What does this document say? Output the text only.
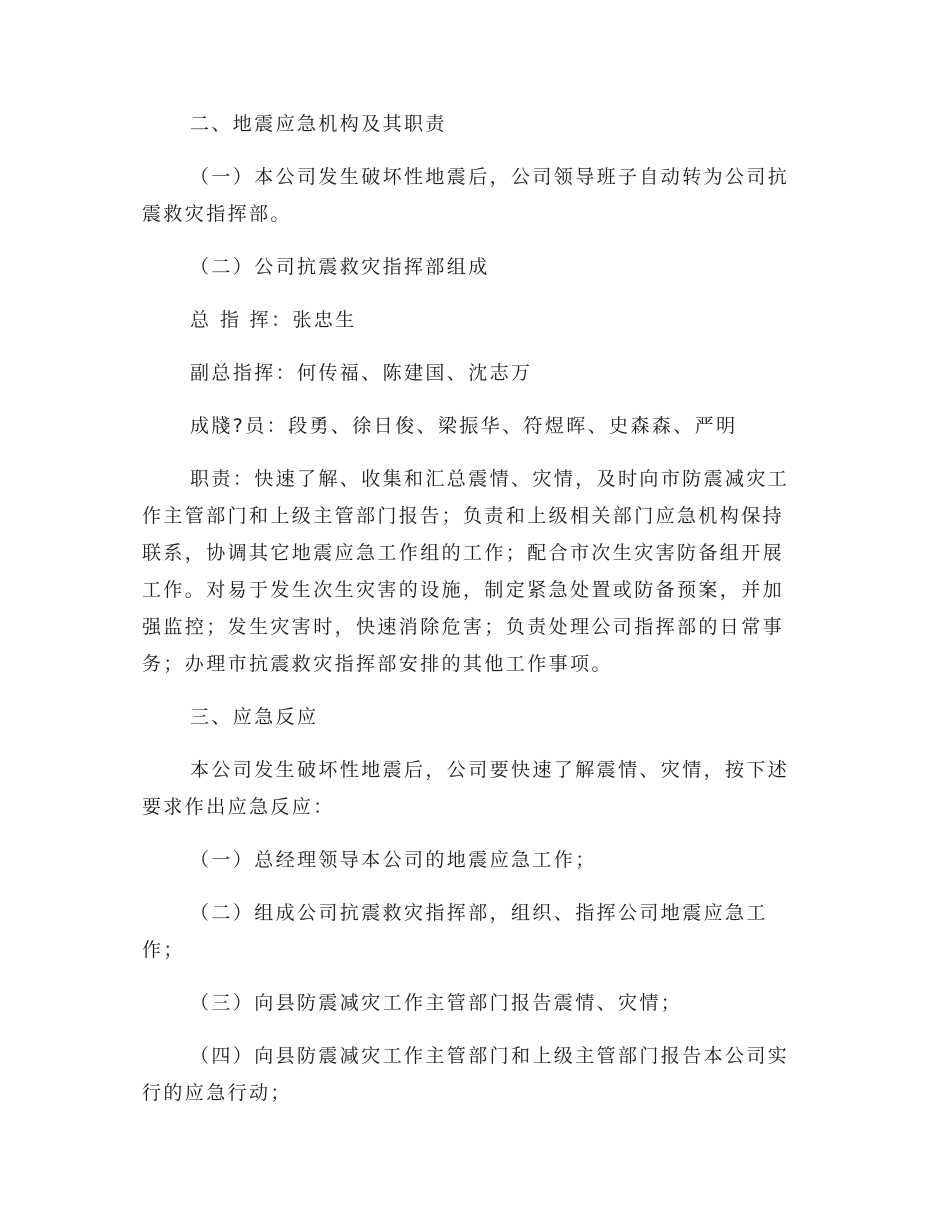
二、地震应急机构及其职责

（一）本公司发生破坏性地震后，公司领导班子自动转为公司抗震救灾指挥部。

（二）公司抗震救灾指挥部组成

总 指 挥：张忠生

副总指挥：何传福、陈建国、沈志万

成牋?员：段勇、徐日俊、梁振华、符煜晖、史森森、严明

职责：快速了解、收集和汇总震情、灾情，及时向市防震减灾工作主管部门和上级主管部门报告；负责和上级相关部门应急机构保持联系，协调其它地震应急工作组的工作；配合市次生灾害防备组开展工作。对易于发生次生灾害的设施，制定紧急处置或防备预案，并加强监控；发生灾害时，快速消除危害；负责处理公司指挥部的日常事务；办理市抗震救灾指挥部安排的其他工作事项。

三、应急反应

本公司发生破坏性地震后，公司要快速了解震情、灾情，按下述要求作出应急反应：

（一）总经理领导本公司的地震应急工作；

（二）组成公司抗震救灾指挥部，组织、指挥公司地震应急工作；

（三）向县防震减灾工作主管部门报告震情、灾情；

（四）向县防震减灾工作主管部门和上级主管部门报告本公司实行的应急行动；
